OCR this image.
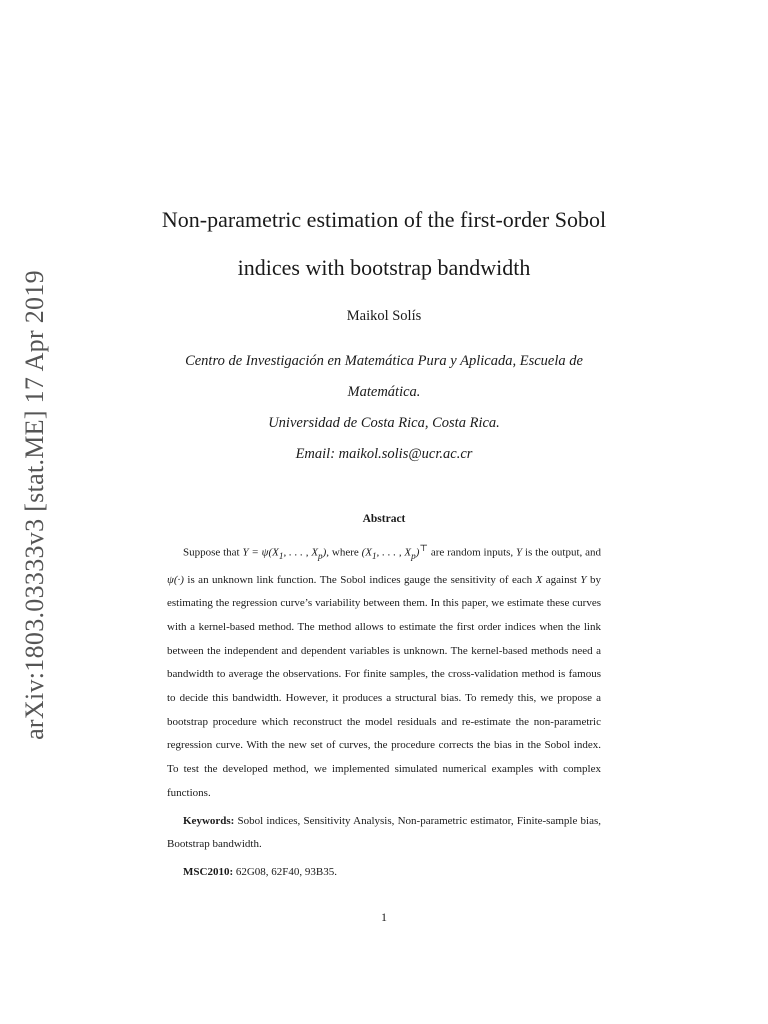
arXiv:1803.03333v3 [stat.ME] 17 Apr 2019
Non-parametric estimation of the first-order Sobol
indices with bootstrap bandwidth
Maikol Solís
Centro de Investigación en Matemática Pura y Aplicada, Escuela de
Matemática.
Universidad de Costa Rica, Costa Rica.
Email: maikol.solis@ucr.ac.cr
Abstract

Suppose that $Y = \psi(X_1$, . . . , $X_p$), where ($X_1$, . . . , $X_p)^⊤$ are random inputs, Y is the output, and ψ(·) is an unknown link function. The Sobol indices gauge the sensitivity of each X against Y by estimating the regression curve’s variability between them. In this paper, we estimate these curves with a kernel-based method. The method allows to estimate the first order indices when the link between the independent and dependent variables is unknown. The kernel-based methods need a bandwidth to average the observations. For finite samples, the cross-validation method is famous to decide this bandwidth. However, it produces a structural bias. To remedy this, we propose a bootstrap procedure which reconstruct the model residuals and re-estimate the non-parametric regression curve. With the new set of curves, the procedure corrects the bias in the Sobol index. To test the developed method, we implemented simulated numerical examples with complex functions.

Keywords: Sobol indices, Sensitivity Analysis, Non-parametric estimator, Finite-sample bias, Bootstrap bandwidth.

MSC2010: 62G08, 62F40, 93B35.

1
